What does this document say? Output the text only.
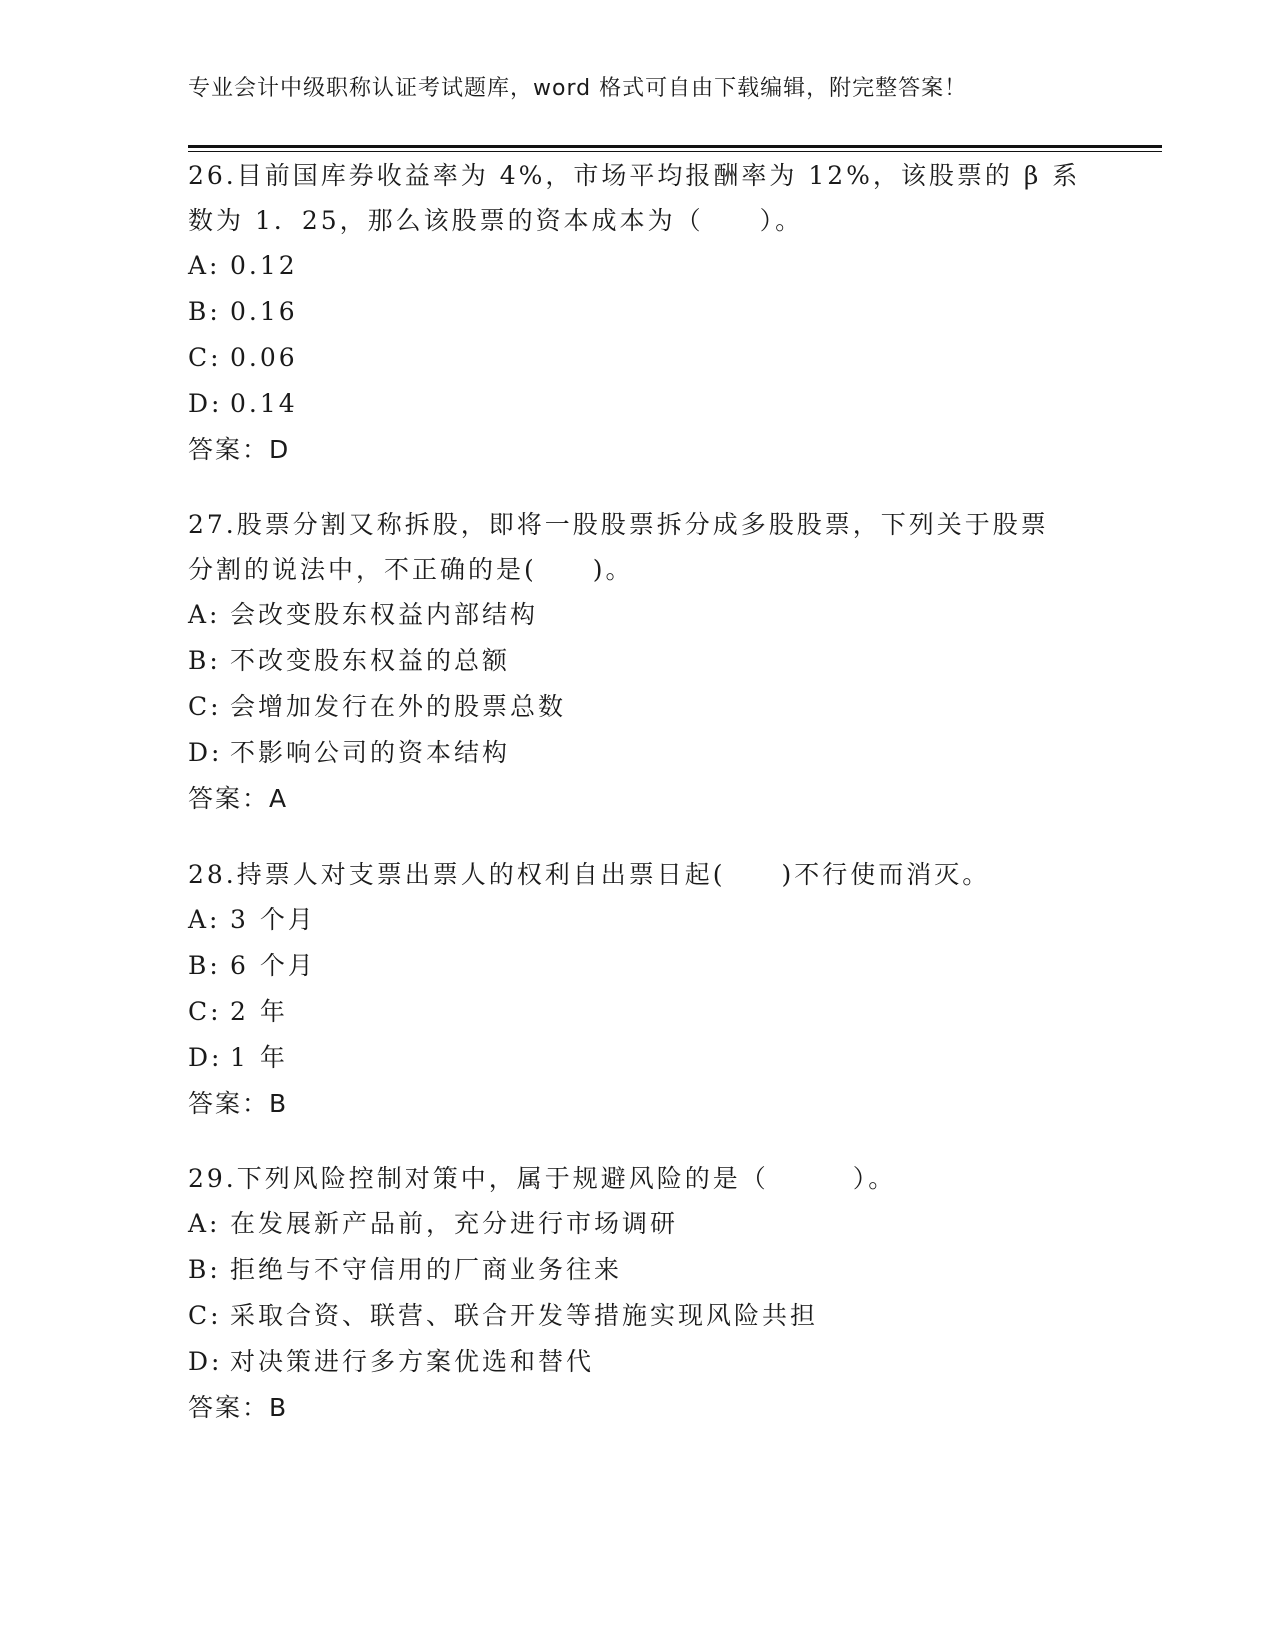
专业会计中级职称认证考试题库，word 格式可自由下载编辑，附完整答案！
26.目前国库券收益率为 4%，市场平均报酬率为 12%，该股票的 β 系
数为 1．25，那么该股票的资本成本为（　　）。
A: 0.12
B: 0.16
C: 0.06
D: 0.14
答案：D
27.股票分割又称拆股，即将一股股票拆分成多股股票，下列关于股票
分割的说法中，不正确的是(　　)。
A: 会改变股东权益内部结构
B: 不改变股东权益的总额
C: 会增加发行在外的股票总数
D: 不影响公司的资本结构
答案：A
28.持票人对支票出票人的权利自出票日起(　　)不行使而消灭。
A: 3 个月
B: 6 个月
C: 2 年
D: 1 年
答案：B
29.下列风险控制对策中，属于规避风险的是（　　　）。
A: 在发展新产品前，充分进行市场调研
B: 拒绝与不守信用的厂商业务往来
C: 采取合资、联营、联合开发等措施实现风险共担
D: 对决策进行多方案优选和替代
答案：B
